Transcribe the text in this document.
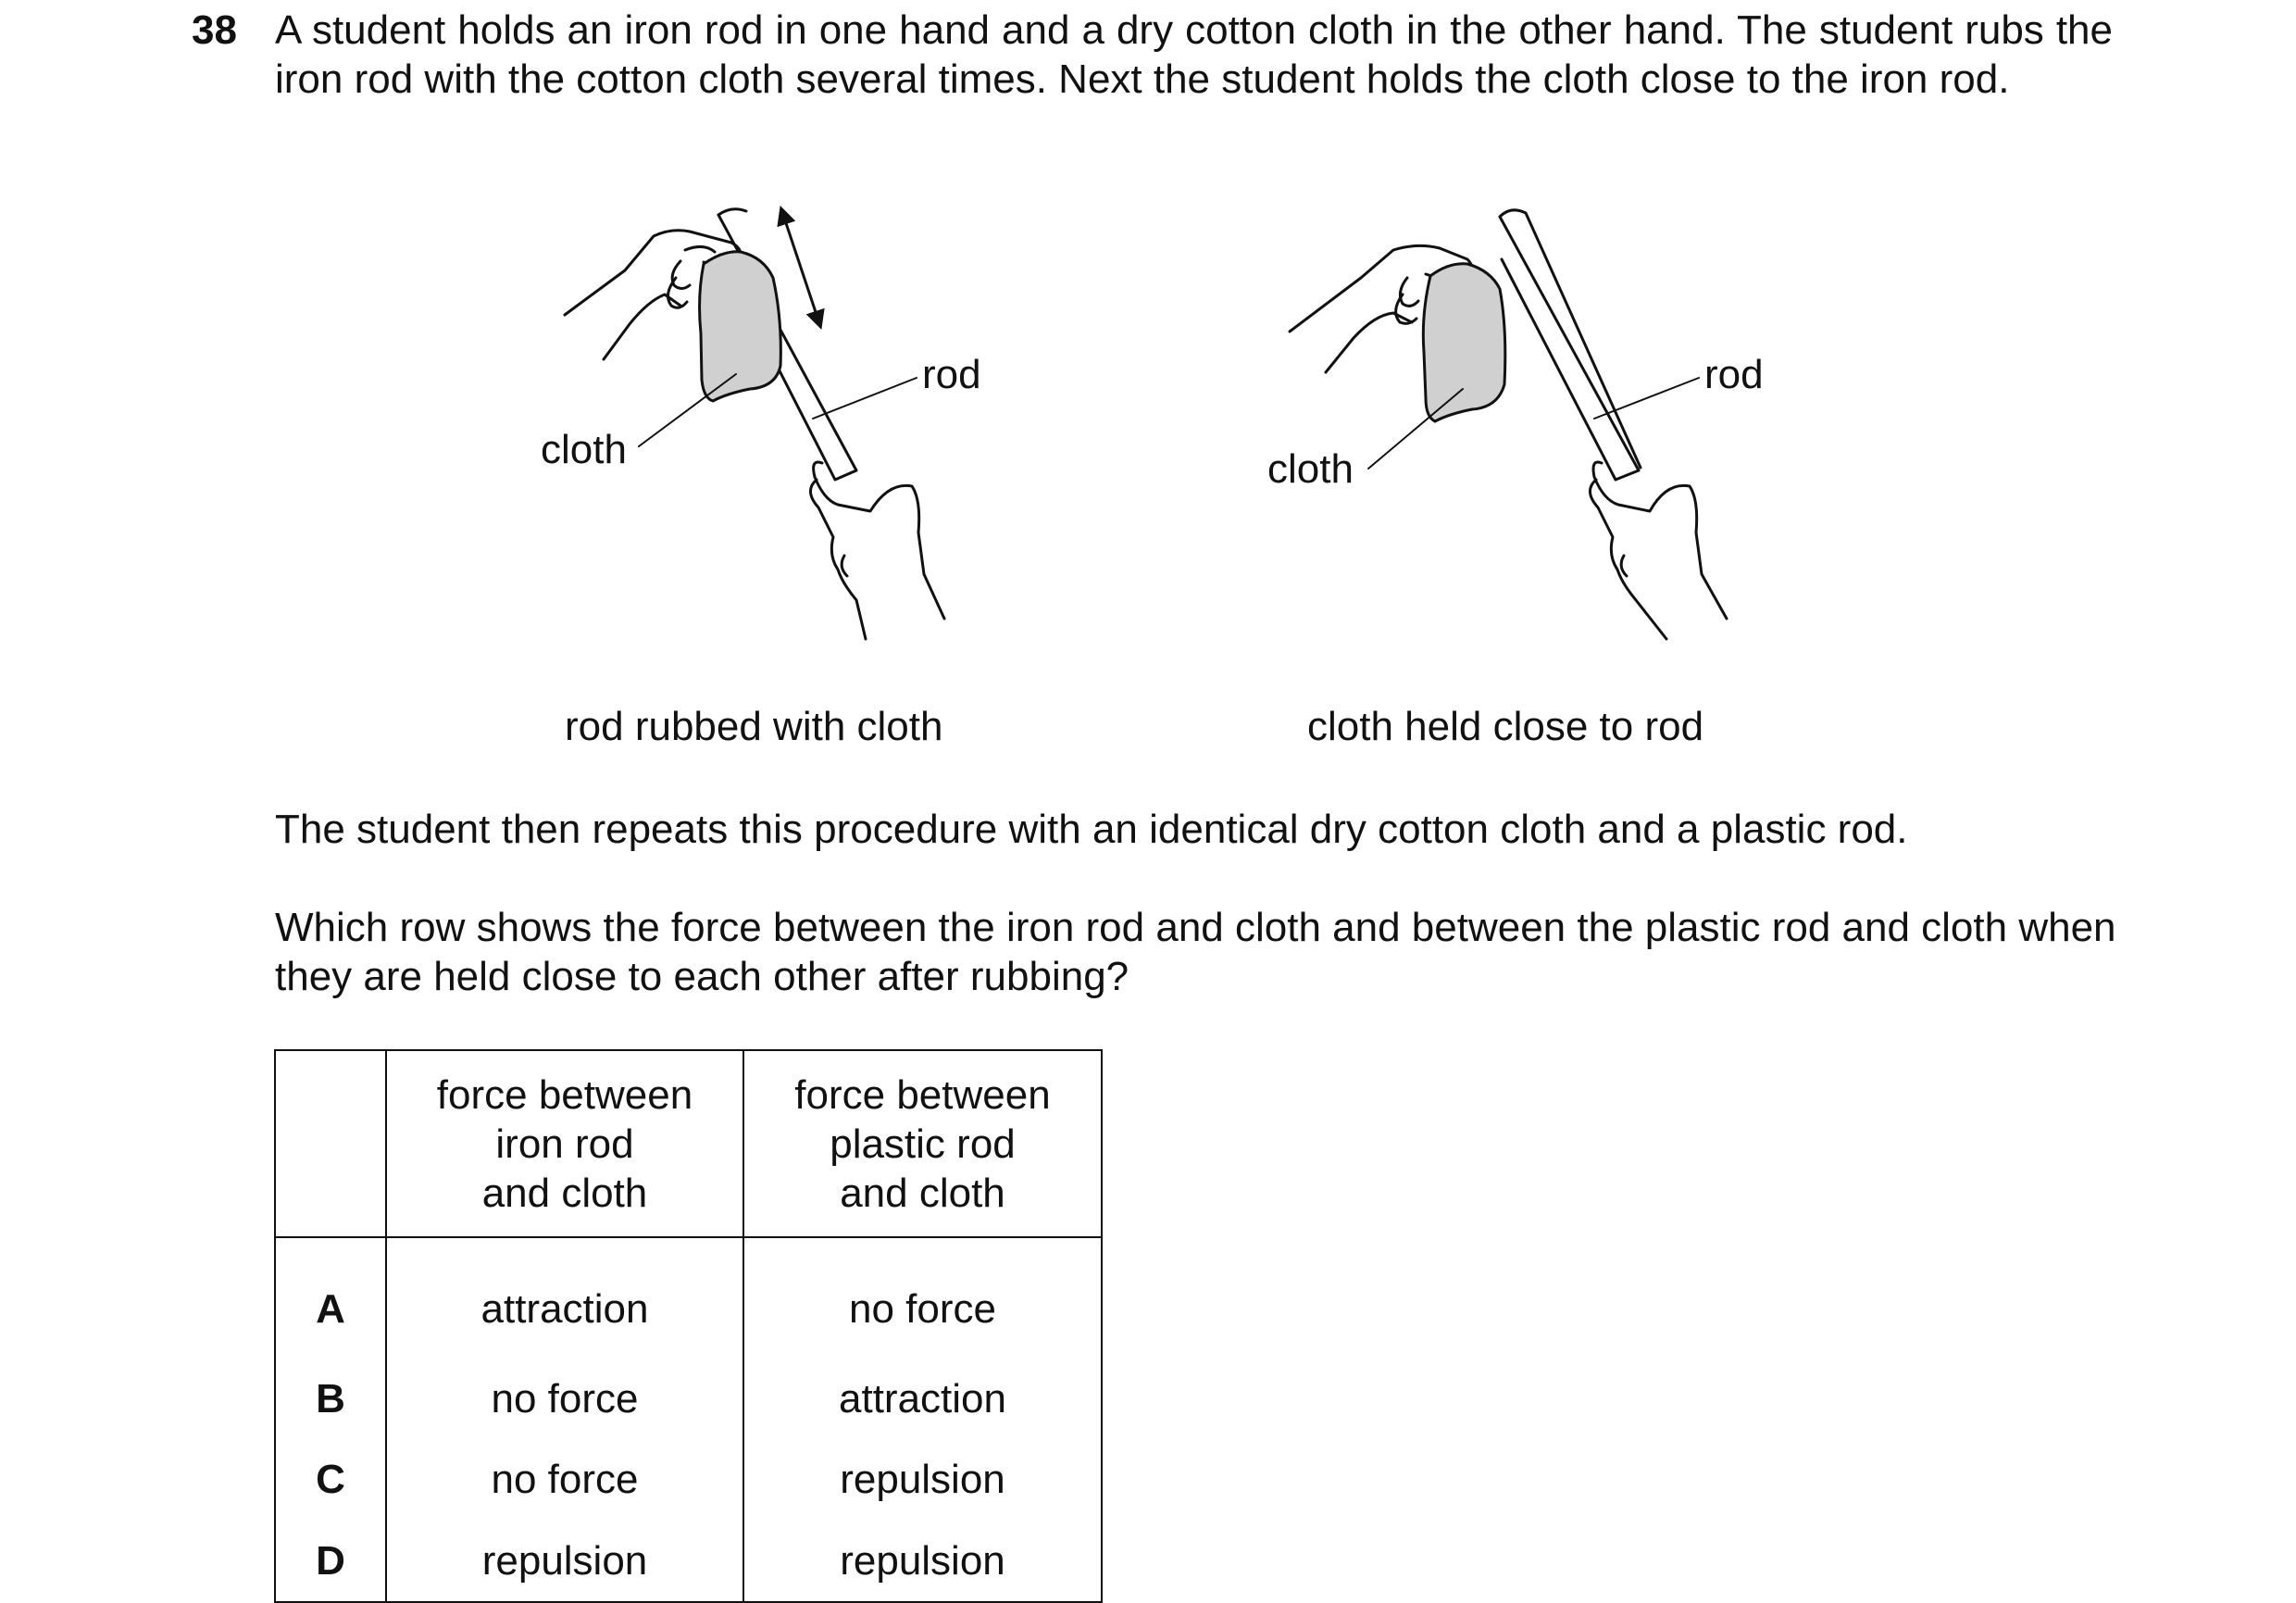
38 A student holds an iron rod in one hand and a dry cotton cloth in the other hand. The student rubs the iron rod with the cotton cloth several times. Next the student holds the cloth close to the iron rod.
rod
cloth
rod
cloth
rod rubbed with cloth	cloth held close to rod
The student then repeats this procedure with an identical dry cotton cloth and a plastic rod.
Which row shows the force between the iron rod and cloth and between the plastic rod and cloth when they are held close to each other after rubbing?

	force between
iron rod
and cloth	force between
plastic rod
and cloth

A	attraction	no force
B	no force	attraction
C	no force	repulsion
D	repulsion	repulsion
